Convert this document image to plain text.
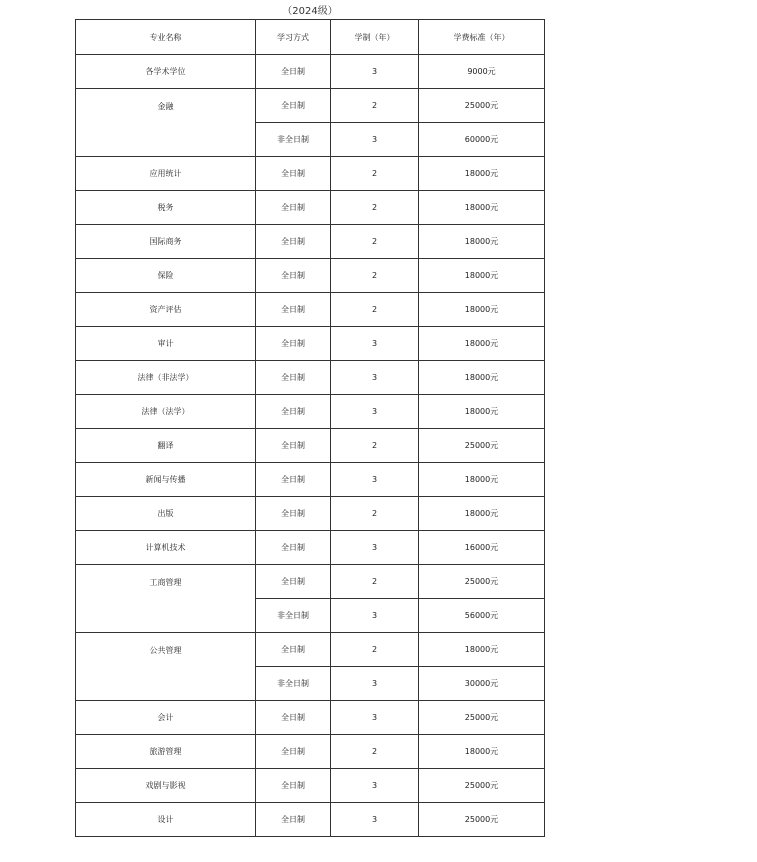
（2024级）
专业名称	学习方式	学制（年）	学费标准（年）
各学术学位	全日制	3	9000元
金融	全日制	2	25000元
	非全日制	3	60000元
应用统计	全日制	2	18000元
税务	全日制	2	18000元
国际商务	全日制	2	18000元
保险	全日制	2	18000元
资产评估	全日制	2	18000元
审计	全日制	3	18000元
法律（非法学）	全日制	3	18000元
法律（法学）	全日制	3	18000元
翻译	全日制	2	25000元
新闻与传播	全日制	3	18000元
出版	全日制	2	18000元
计算机技术	全日制	3	16000元
工商管理	全日制	2	25000元
	非全日制	3	56000元
公共管理	全日制	2	18000元
	非全日制	3	30000元
会计	全日制	3	25000元
旅游管理	全日制	2	18000元
戏剧与影视	全日制	3	25000元
设计	全日制	3	25000元
